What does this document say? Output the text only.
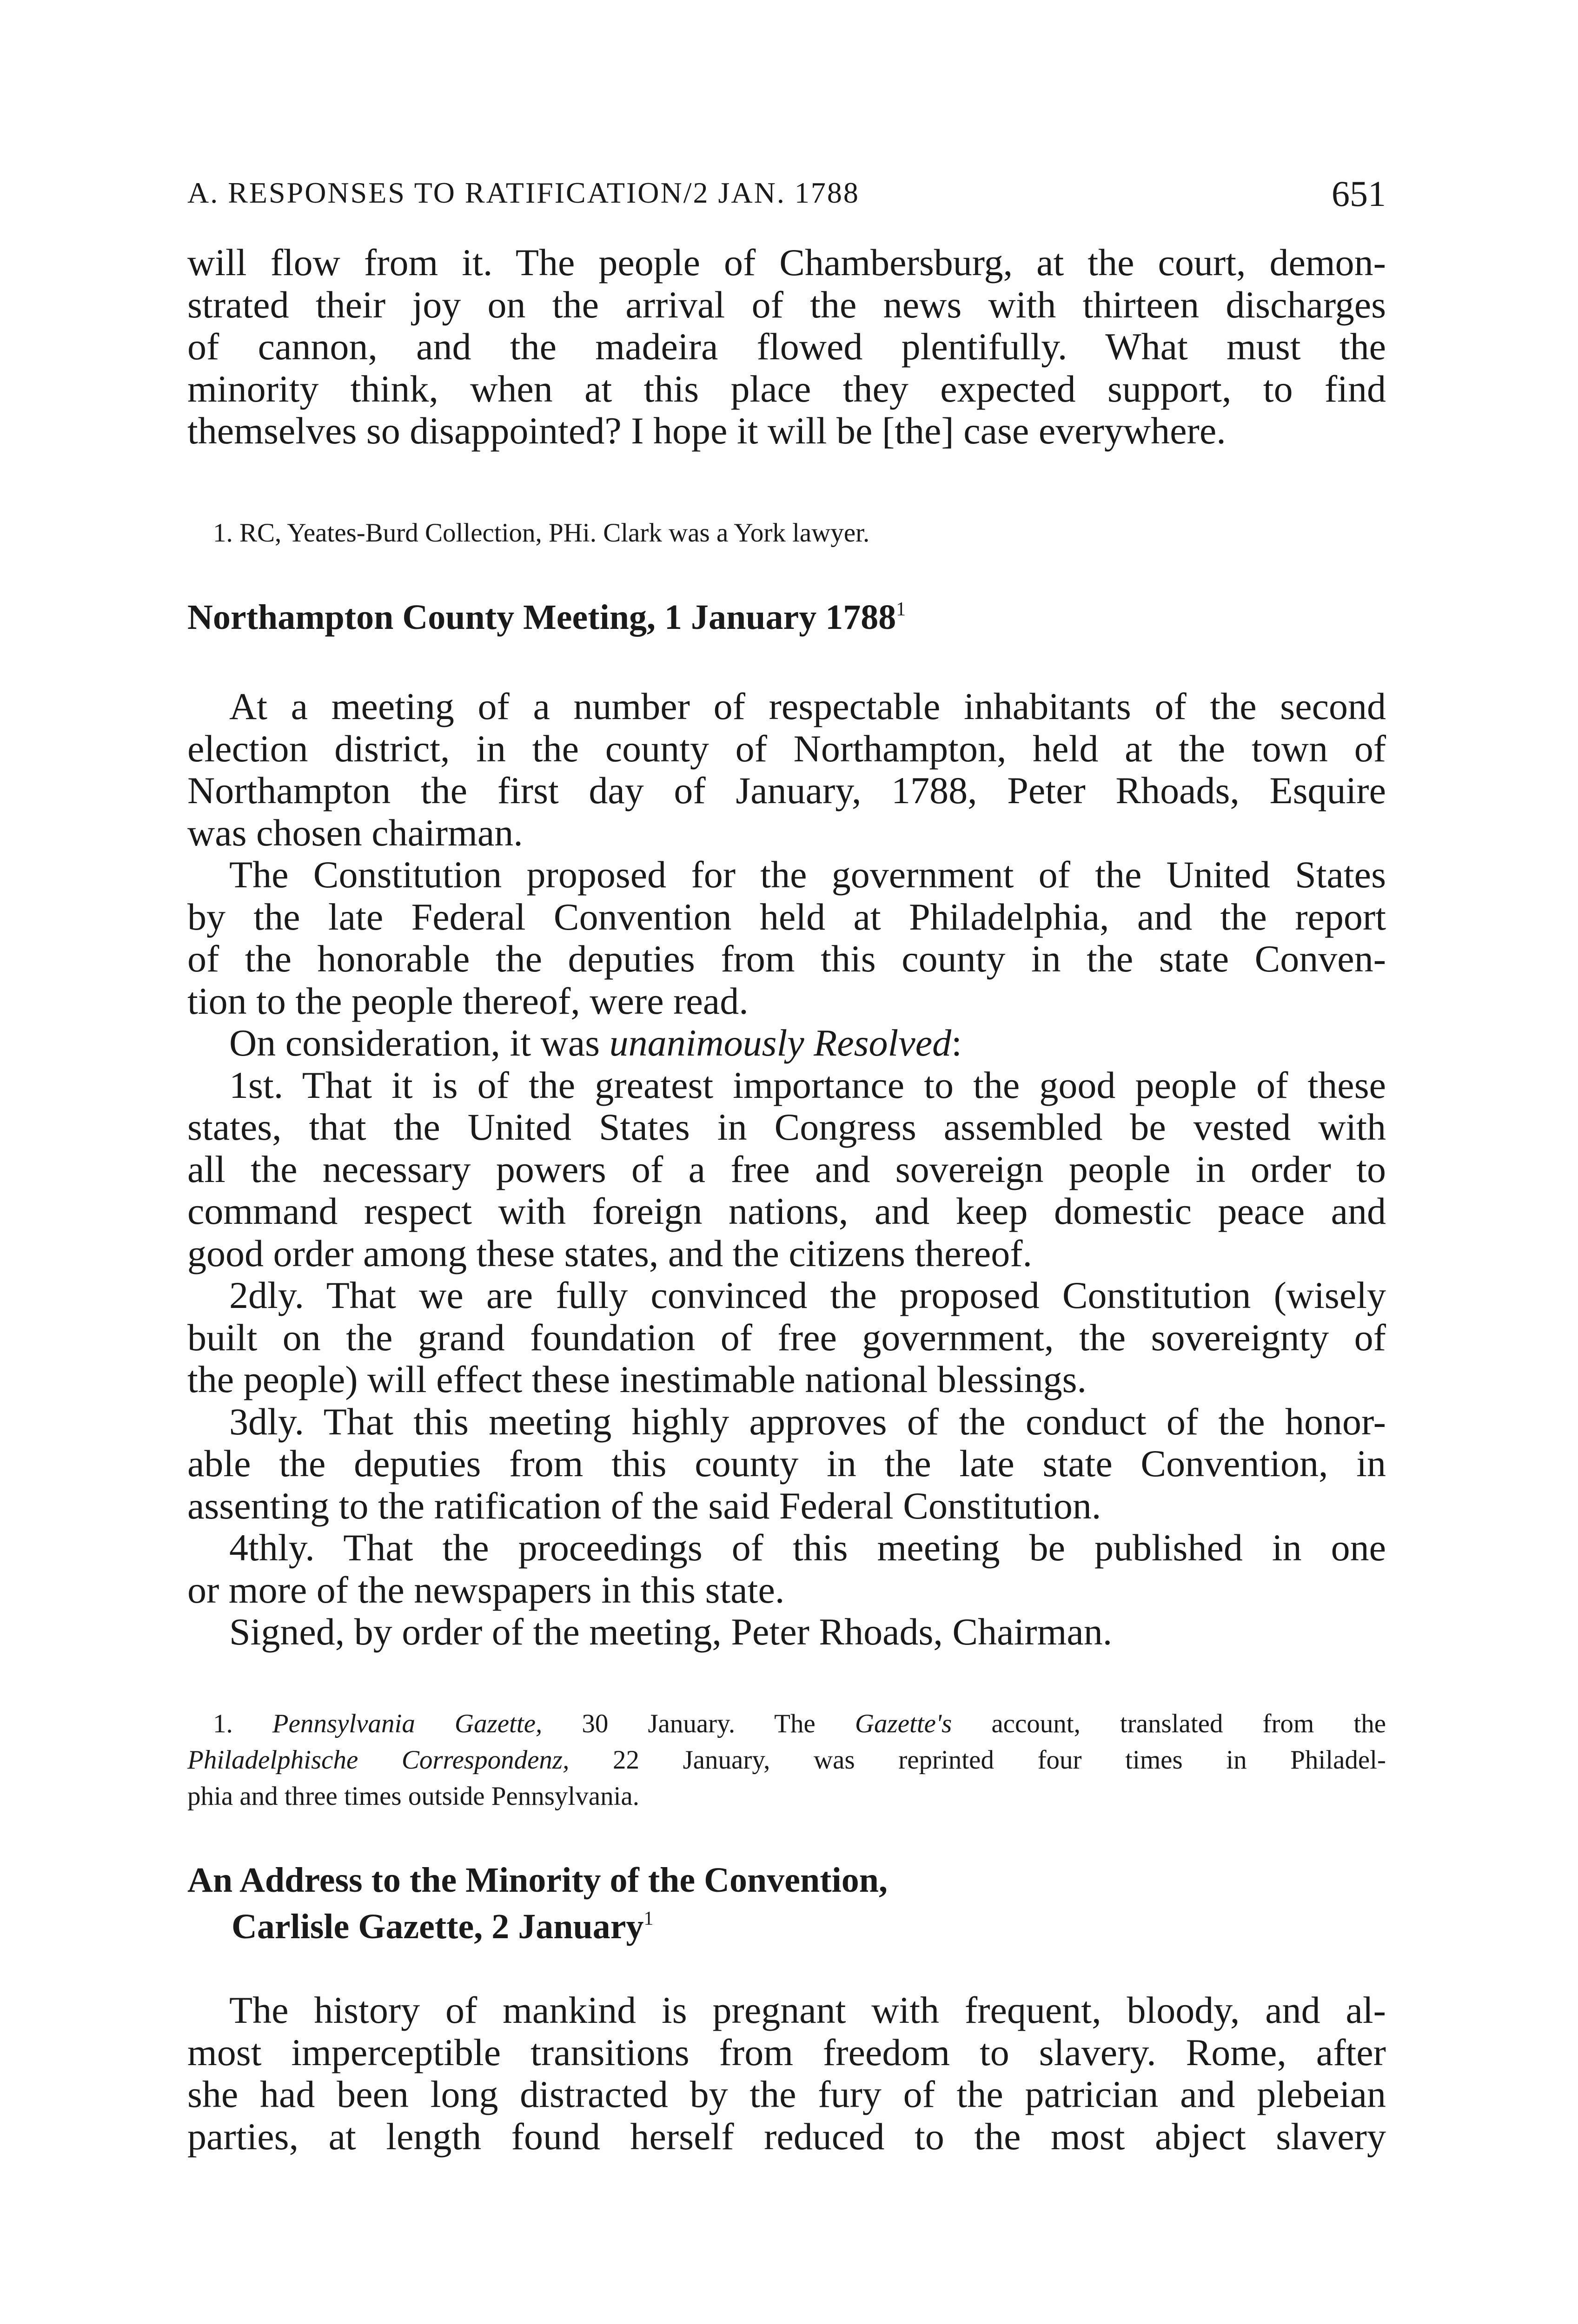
A. RESPONSES TO RATIFICATION/2 JAN. 1788	651
will flow from it. The people of Chambersburg, at the court, demon-
strated their joy on the arrival of the news with thirteen discharges
of cannon, and the madeira flowed plentifully. What must the
minority think, when at this place they expected support, to find
themselves so disappointed? I hope it will be [the] case everywhere.
1. RC, Yeates-Burd Collection, PHi. Clark was a York lawyer.
Northampton County Meeting, 1 January 1788$^1$
At a meeting of a number of respectable inhabitants of the second
election district, in the county of Northampton, held at the town of
Northampton the first day of January, 1788, Peter Rhoads, Esquire
was chosen chairman.
The Constitution proposed for the government of the United States
by the late Federal Convention held at Philadelphia, and the report
of the honorable the deputies from this county in the state Conven-
tion to the people thereof, were read.
On consideration, it was unanimously Resolved:
1st. That it is of the greatest importance to the good people of these
states, that the United States in Congress assembled be vested with
all the necessary powers of a free and sovereign people in order to
command respect with foreign nations, and keep domestic peace and
good order among these states, and the citizens thereof.
2dly. That we are fully convinced the proposed Constitution (wisely
built on the grand foundation of free government, the sovereignty of
the people) will effect these inestimable national blessings.
3dly. That this meeting highly approves of the conduct of the honor-
able the deputies from this county in the late state Convention, in
assenting to the ratification of the said Federal Constitution.
4thly. That the proceedings of this meeting be published in one
or more of the newspapers in this state.
Signed, by order of the meeting, Peter Rhoads, Chairman.
1. Pennsylvania Gazette, 30 January. The Gazette's account, translated from the
Philadelphische Correspondenz, 22 January, was reprinted four times in Philadel-
phia and three times outside Pennsylvania.
An Address to the Minority of the Convention,
Carlisle Gazette, 2 January$^1$
The history of mankind is pregnant with frequent, bloody, and al-
most imperceptible transitions from freedom to slavery. Rome, after
she had been long distracted by the fury of the patrician and plebeian
parties, at length found herself reduced to the most abject slavery
